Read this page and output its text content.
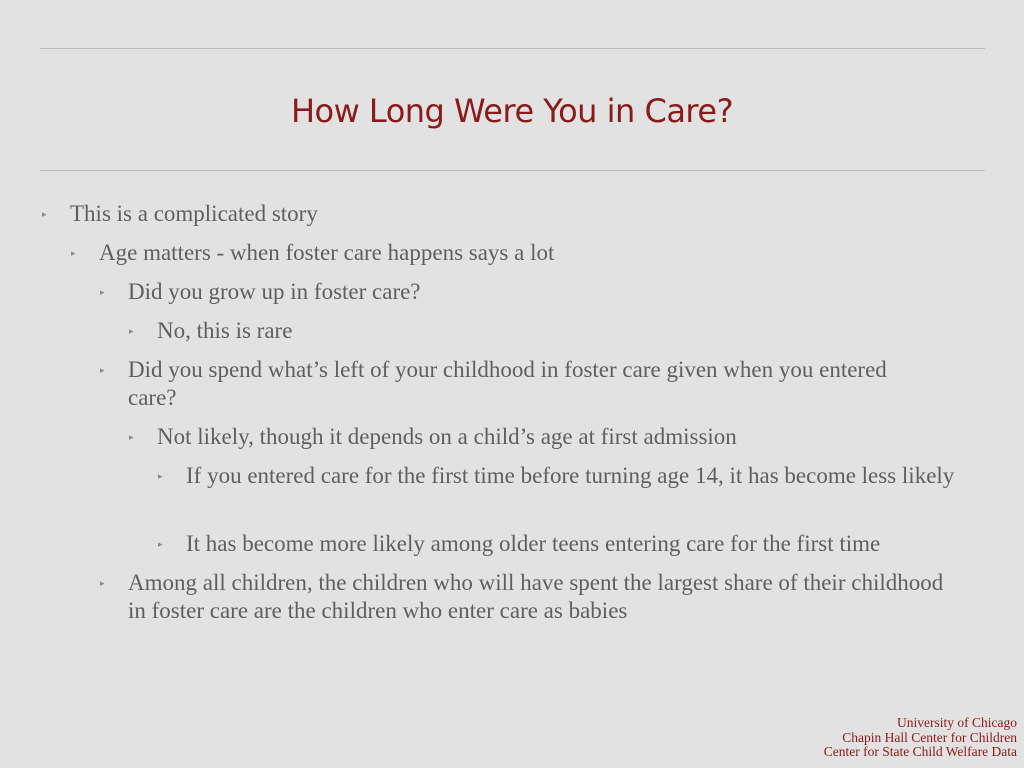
How Long Were You in Care?
▸ This is a complicated story
▸ Age matters - when foster care happens says a lot
▸ Did you grow up in foster care?
▸ No, this is rare
▸ Did you spend what’s left of your childhood in foster care given when you entered care?
▸ Not likely, though it depends on a child’s age at first admission
▸ If you entered care for the first time before turning age 14, it has become less likely
▸ It has become more likely among older teens entering care for the first time
▸ Among all children, the children who will have spent the largest share of their childhood in foster care are the children who enter care as babies
University of Chicago
Chapin Hall Center for Children
Center for State Child Welfare Data
